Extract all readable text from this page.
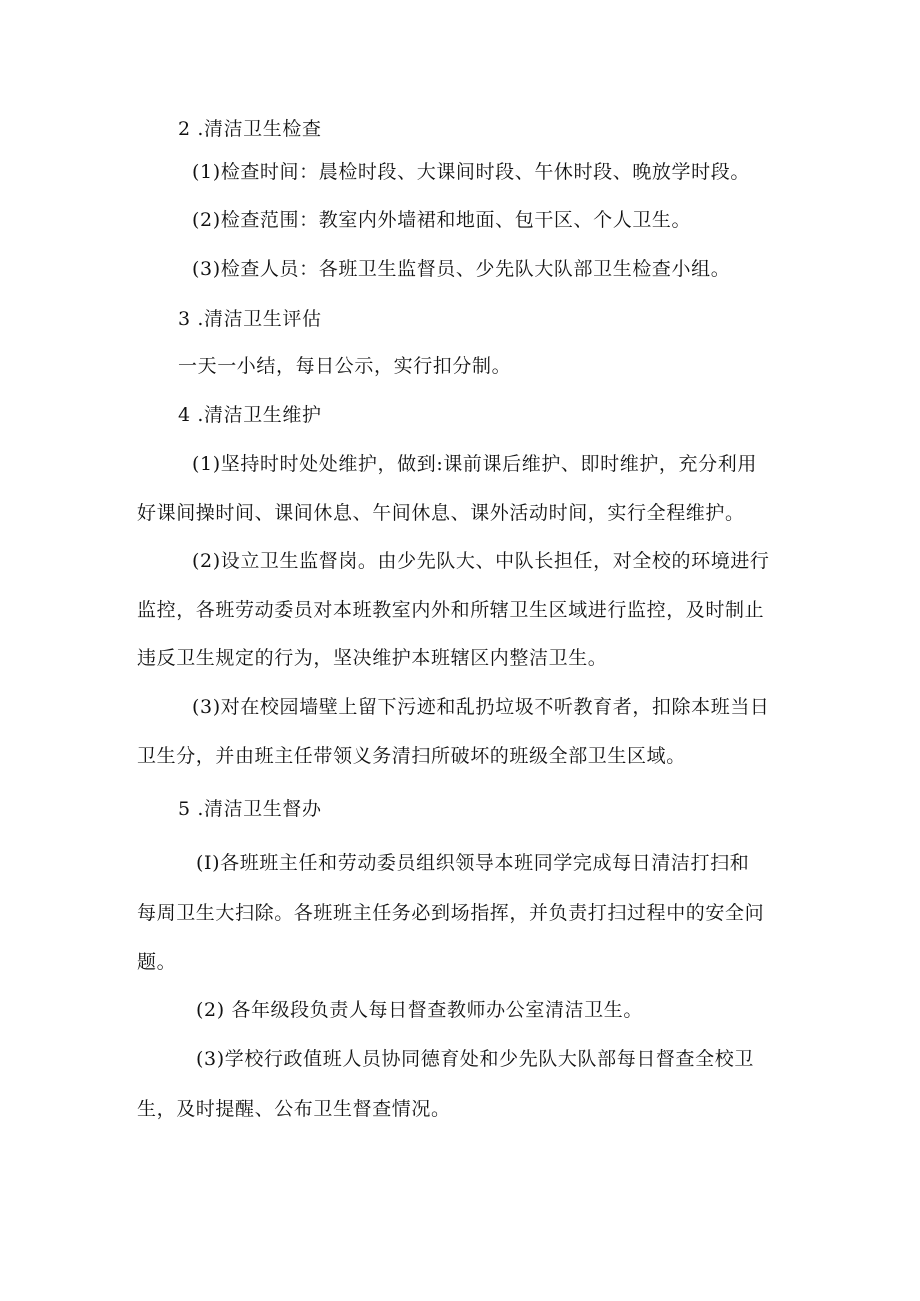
2 .清洁卫生检查
(1)检查时间：晨检时段、大课间时段、午休时段、晚放学时段。
(2)检查范围：教室内外墙裙和地面、包干区、个人卫生。
(3)检查人员：各班卫生监督员、少先队大队部卫生检查小组。
3 .清洁卫生评估
一天一小结，每日公示，实行扣分制。
4 .清洁卫生维护
(1)坚持时时处处维护，做到:课前课后维护、即时维护，充分利用
好课间操时间、课间休息、午间休息、课外活动时间，实行全程维护。
(2)设立卫生监督岗。由少先队大、中队长担任，对全校的环境进行
监控，各班劳动委员对本班教室内外和所辖卫生区域进行监控，及时制止
违反卫生规定的行为，坚决维护本班辖区内整洁卫生。
(3)对在校园墙壁上留下污迹和乱扔垃圾不听教育者，扣除本班当日
卫生分，并由班主任带领义务清扫所破坏的班级全部卫生区域。
5 .清洁卫生督办
(I)各班班主任和劳动委员组织领导本班同学完成每日清洁打扫和
每周卫生大扫除。各班班主任务必到场指挥，并负责打扫过程中的安全问
题。
(2) 各年级段负责人每日督查教师办公室清洁卫生。
(3)学校行政值班人员协同德育处和少先队大队部每日督查全校卫
生，及时提醒、公布卫生督查情况。
